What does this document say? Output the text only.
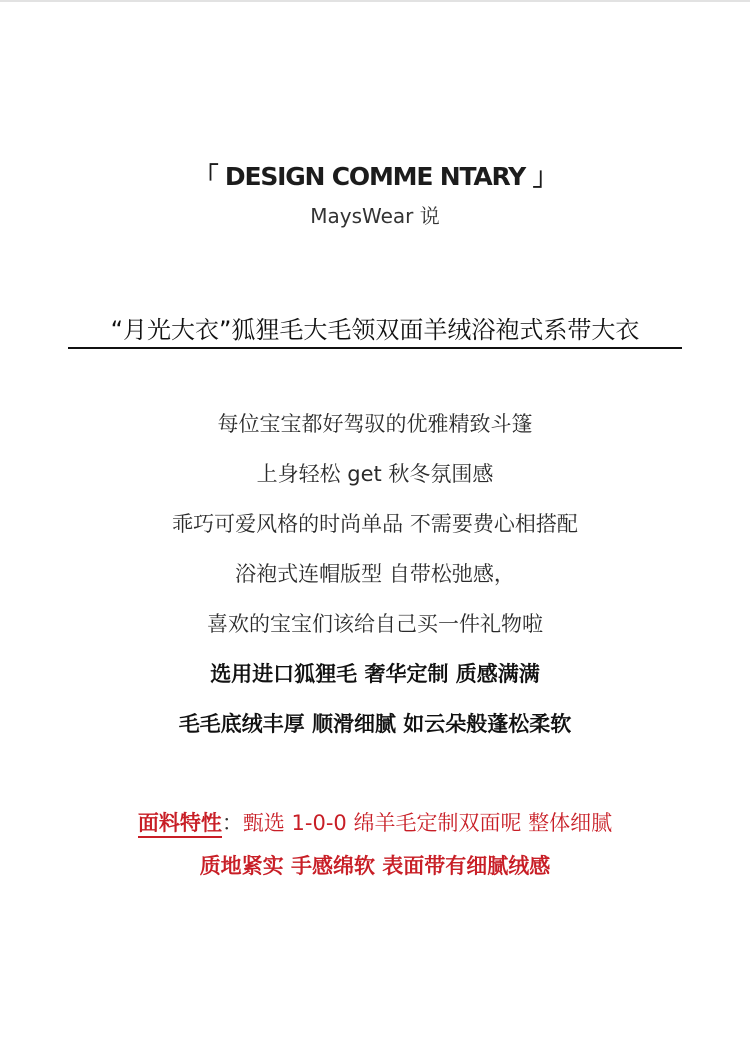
「 DESIGN COMME NTARY 」
MaysWear 说
“月光大衣”狐狸毛大毛领双面羊绒浴袍式系带大衣
每位宝宝都好驾驭的优雅精致斗篷
上身轻松 get 秋冬氛围感
乖巧可爱风格的时尚单品 不需要费心相搭配
浴袍式连帽版型 自带松弛感，
喜欢的宝宝们该给自己买一件礼物啦
选用进口狐狸毛 奢华定制 质感满满
毛毛底绒丰厚 顺滑细腻 如云朵般蓬松柔软
面料特性：甄选 1-0-0 绵羊毛定制双面呢 整体细腻
质地紧实 手感绵软 表面带有细腻绒感
